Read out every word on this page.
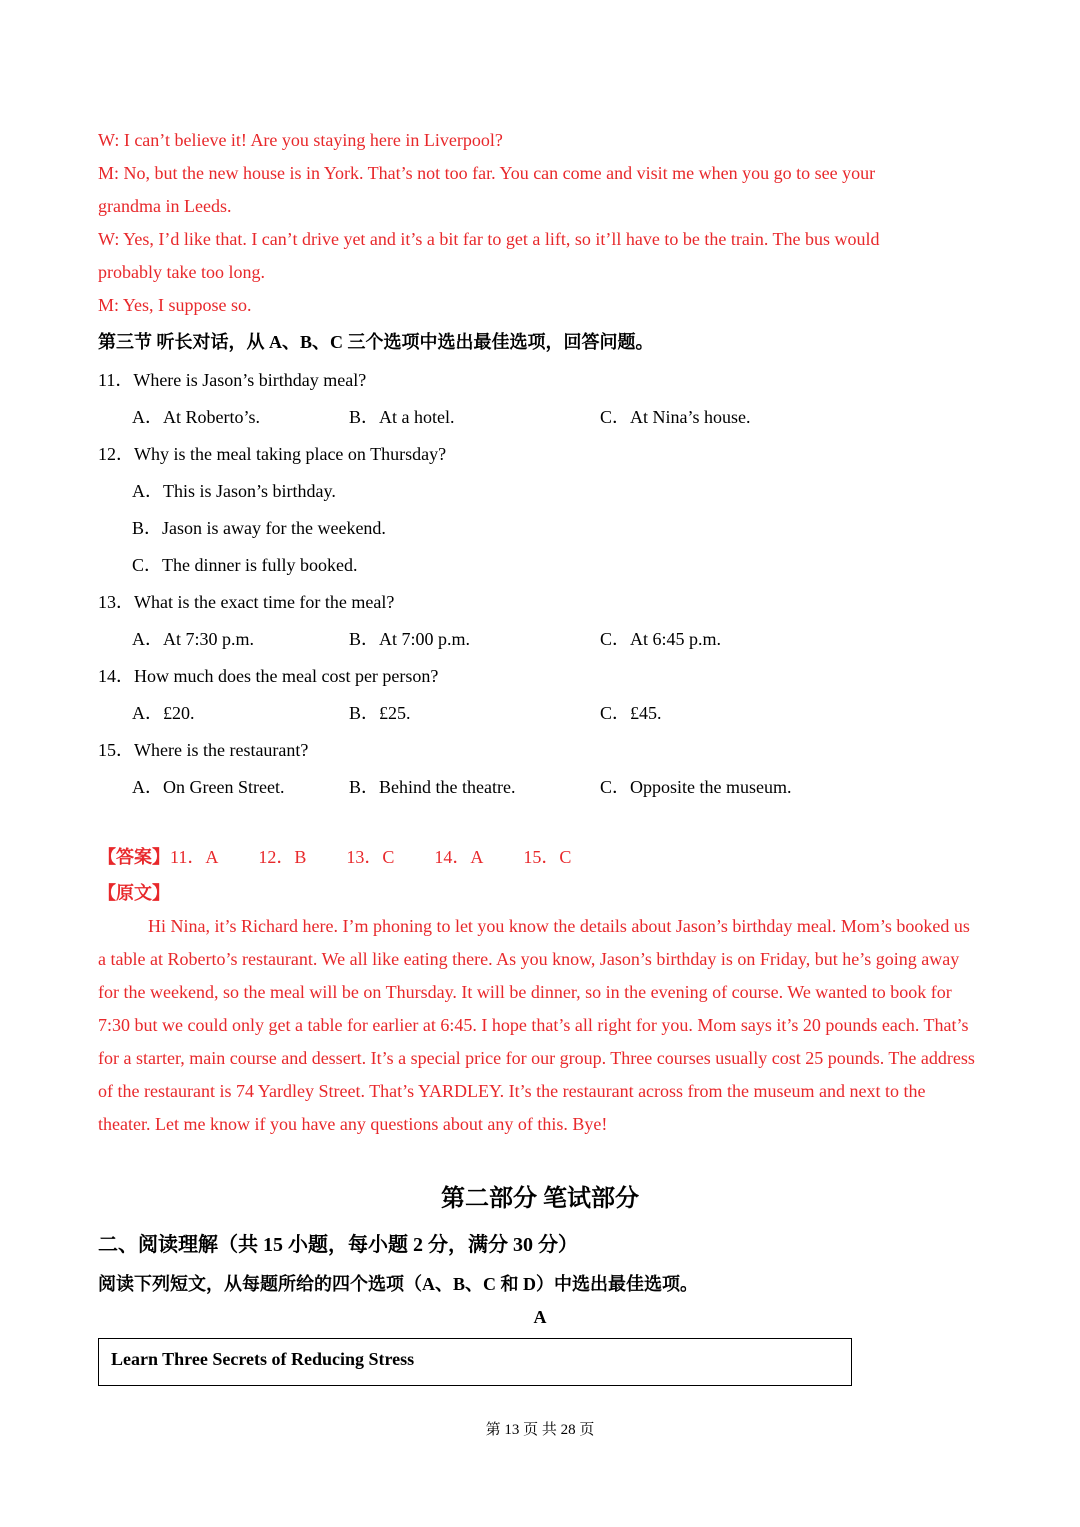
W: I can’t believe it! Are you staying here in Liverpool?
M: No, but the new house is in York. That’s not too far. You can come and visit me when you go to see your
grandma in Leeds.
W: Yes, I’d like that. I can’t drive yet and it’s a bit far to get a lift, so it’ll have to be the train. The bus would
probably take too long.
M: Yes, I suppose so.
第三节 听长对话，从 A、B、C 三个选项中选出最佳选项，回答问题。
11．Where is Jason’s birthday meal?
A．At Roberto’s.	B．At a hotel.	C．At Nina’s house.
12．Why is the meal taking place on Thursday?
A．This is Jason’s birthday.
B．Jason is away for the weekend.
C．The dinner is fully booked.
13．What is the exact time for the meal?
A．At 7:30 p.m.	B．At 7:00 p.m.	C．At 6:45 p.m.
14．How much does the meal cost per person?
A．£20.	B．£25.	C．£45.
15．Where is the restaurant?
A．On Green Street.	B．Behind the theatre.	C．Opposite the museum.
【答案】11．A 12．B 13．C 14．A 15．C
【原文】
Hi Nina, it’s Richard here. I’m phoning to let you know the details about Jason’s birthday meal. Mom’s booked us a table at Roberto’s restaurant. We all like eating there. As you know, Jason’s birthday is on Friday, but he’s going away for the weekend, so the meal will be on Thursday. It will be dinner, so in the evening of course. We wanted to book for 7:30 but we could only get a table for earlier at 6:45. I hope that’s all right for you. Mom says it’s 20 pounds each. That’s for a starter, main course and dessert. It’s a special price for our group. Three courses usually cost 25 pounds. The address of the restaurant is 74 Yardley Street. That’s YARDLEY. It’s the restaurant across from the museum and next to the theater. Let me know if you have any questions about any of this. Bye!
第二部分 笔试部分
二、阅读理解（共 15 小题，每小题 2 分，满分 30 分）
阅读下列短文，从每题所给的四个选项（A、B、C 和 D）中选出最佳选项。
A
Learn Three Secrets of Reducing Stress
第 13 页 共 28 页
